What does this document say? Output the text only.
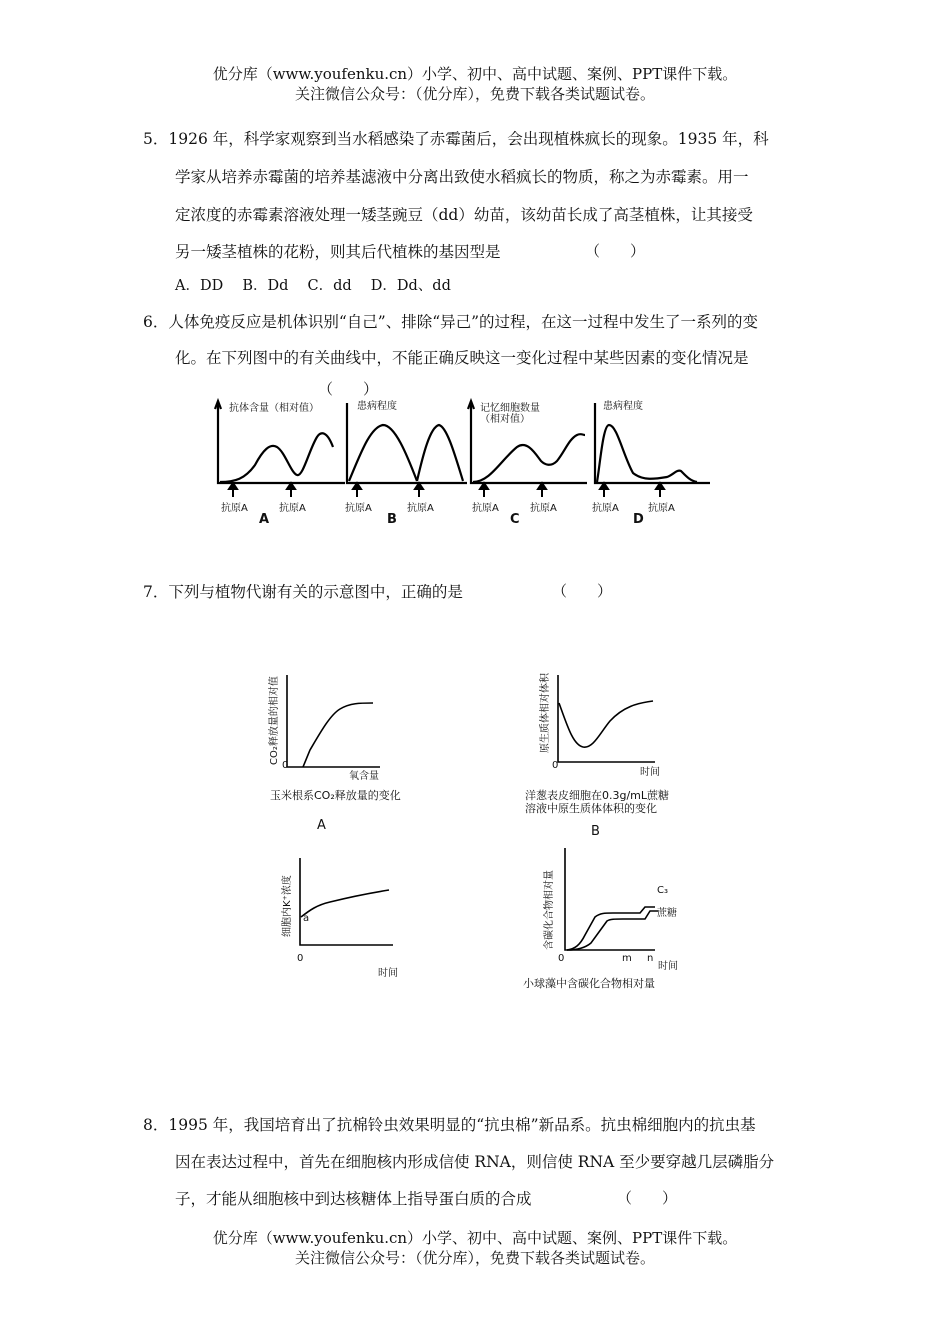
优分库（www.youfenku.cn）小学、初中、高中试题、案例、PPT课件下载。
关注微信公众号：（优分库），免费下载各类试题试卷。
5．1926 年，科学家观察到当水稻感染了赤霉菌后，会出现植株疯长的现象。1935 年，科
学家从培养赤霉菌的培养基滤液中分离出致使水稻疯长的物质，称之为赤霉素。用一
定浓度的赤霉素溶液处理一矮茎豌豆（dd）幼苗，该幼苗长成了高茎植株，让其接受
另一矮茎植株的花粉，则其后代植株的基因型是	（　　）
A．DD　 B．Dd　 C．dd　 D．Dd、dd
6．人体免疫反应是机体识别“自己”、排除“异己”的过程，在这一过程中发生了一系列的变
化。在下列图中的有关曲线中，不能正确反映这一变化过程中某些因素的变化情况是
（　　）
抗体含量（相对值）	患病程度	记忆细胞数量
（相对值）
患病程度
抗原A	抗原A	抗原A	抗原A	抗原A	抗原A	抗原A	抗原A
A	B	C	D
7．下列与植物代谢有关的示意图中，正确的是	（　　）
CO₂释放量的相对值
0
氧含量
玉米根系CO₂释放量的变化
A
原生质体相对体积
0
时间
洋葱表皮细胞在0.3g/mL蔗糖
溶液中原生质体体积的变化
B
细胞内K⁺浓度 a
0
时间
含碳化合物相对量	C₃
蔗糖
0	m n
时间
小球藻中含碳化合物相对量
8．1995 年，我国培育出了抗棉铃虫效果明显的“抗虫棉”新品系。抗虫棉细胞内的抗虫基
因在表达过程中，首先在细胞核内形成信使 RNA，则信使 RNA 至少要穿越几层磷脂分
子，才能从细胞核中到达核糖体上指导蛋白质的合成	（　　）
优分库（www.youfenku.cn）小学、初中、高中试题、案例、PPT课件下载。
关注微信公众号：（优分库），免费下载各类试题试卷。
